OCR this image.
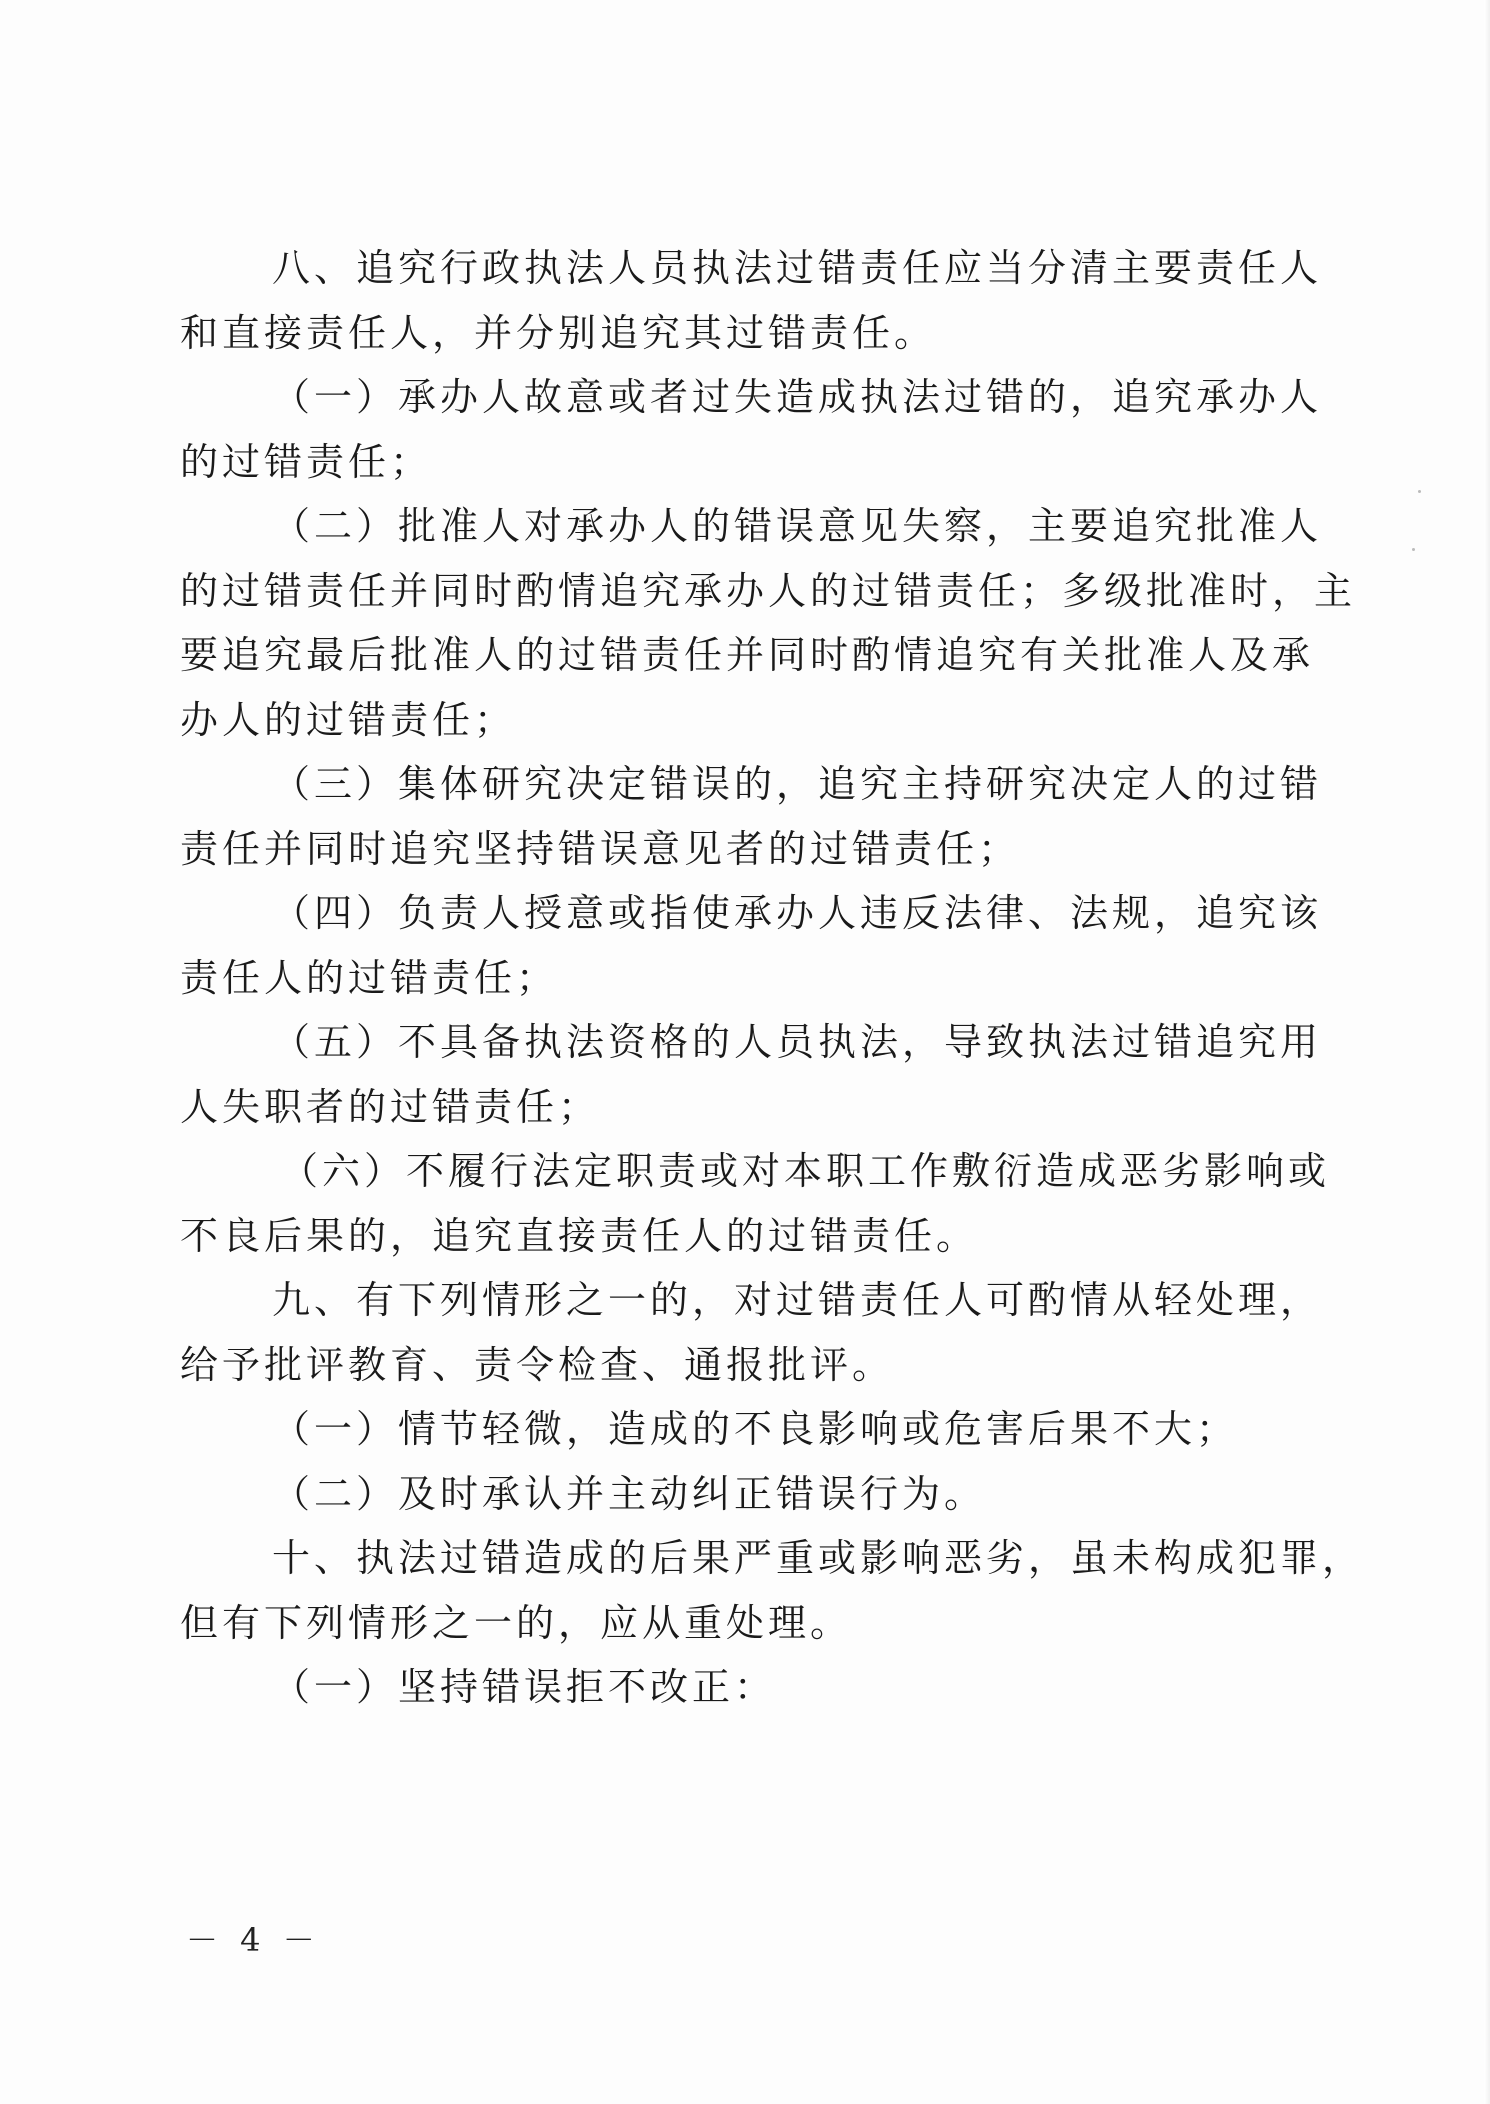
八、追究行政执法人员执法过错责任应当分清主要责任人
和直接责任人，并分别追究其过错责任。
（一）承办人故意或者过失造成执法过错的，追究承办人
的过错责任；
（二）批准人对承办人的错误意见失察，主要追究批准人
的过错责任并同时酌情追究承办人的过错责任；多级批准时，主
要追究最后批准人的过错责任并同时酌情追究有关批准人及承
办人的过错责任；
（三）集体研究决定错误的，追究主持研究决定人的过错
责任并同时追究坚持错误意见者的过错责任；
（四）负责人授意或指使承办人违反法律、法规，追究该
责任人的过错责任；
（五）不具备执法资格的人员执法，导致执法过错追究用
人失职者的过错责任；
（六）不履行法定职责或对本职工作敷衍造成恶劣影响或
不良后果的，追究直接责任人的过错责任。
九、有下列情形之一的，对过错责任人可酌情从轻处理，
给予批评教育、责令检查、通报批评。
（一）情节轻微，造成的不良影响或危害后果不大；
（二）及时承认并主动纠正错误行为。
十、执法过错造成的后果严重或影响恶劣，虽未构成犯罪，
但有下列情形之一的，应从重处理。
（一）坚持错误拒不改正：
－ 4 －
